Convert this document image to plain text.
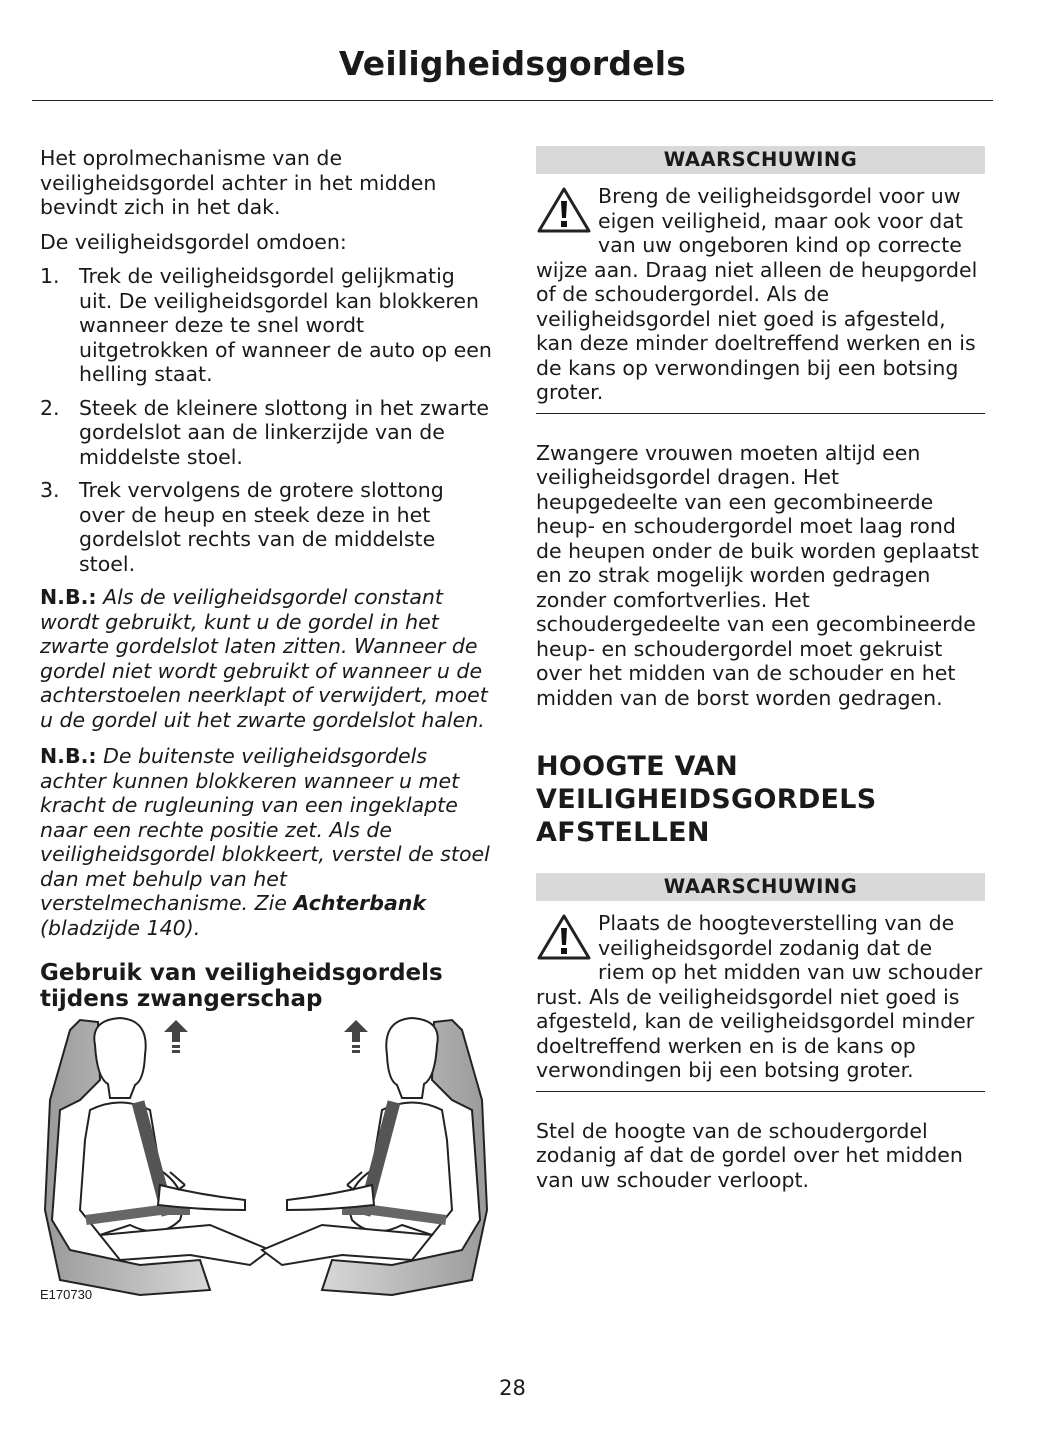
Veiligheidsgordels

Het oprolmechanisme van de veiligheidsgordel achter in het midden bevindt zich in het dak.

De veiligheidsgordel omdoen:

1. Trek de veiligheidsgordel gelijkmatig uit. De veiligheidsgordel kan blokkeren wanneer deze te snel wordt uitgetrokken of wanneer de auto op een helling staat.
2. Steek de kleinere slottong in het zwarte gordelslot aan de linkerzijde van de middelste stoel.
3. Trek vervolgens de grotere slottong over de heup en steek deze in het gordelslot rechts van de middelste stoel.
N.B.: Als de veiligheidsgordel constant wordt gebruikt, kunt u de gordel in het zwarte gordelslot laten zitten. Wanneer de gordel niet wordt gebruikt of wanneer u de achterstoelen neerklapt of verwijdert, moet u de gordel uit het zwarte gordelslot halen.
N.B.: De buitenste veiligheidsgordels achter kunnen blokkeren wanneer u met kracht de rugleuning van een ingeklapte naar een rechte positie zet. Als de veiligheidsgordel blokkeert, verstel de stoel dan met behulp van het verstelmechanisme. Zie Achterbank (bladzijde 140).
Gebruik van veiligheidsgordels tijdens zwangerschap
E170730
WAARSCHUWING
Breng de veiligheidsgordel voor uw eigen veiligheid, maar ook voor dat van uw ongeboren kind op correcte wijze aan. Draag niet alleen de heupgordel of de schoudergordel. Als de veiligheidsgordel niet goed is afgesteld, kan deze minder doeltreffend werken en is de kans op verwondingen bij een botsing groter.

Zwangere vrouwen moeten altijd een veiligheidsgordel dragen. Het heupgedeelte van een gecombineerde heup- en schoudergordel moet laag rond de heupen onder de buik worden geplaatst en zo strak mogelijk worden gedragen zonder comfortverlies. Het schoudergedeelte van een gecombineerde heup- en schoudergordel moet gekruist over het midden van de schouder en het midden van de borst worden gedragen.

HOOGTE VAN VEILIGHEIDSGORDELS AFSTELLEN
WAARSCHUWING
Plaats de hoogteverstelling van de veiligheidsgordel zodanig dat de riem op het midden van uw schouder rust. Als de veiligheidsgordel niet goed is afgesteld, kan de veiligheidsgordel minder doeltreffend werken en is de kans op verwondingen bij een botsing groter.

Stel de hoogte van de schoudergordel zodanig af dat de gordel over het midden van uw schouder verloopt.

28
